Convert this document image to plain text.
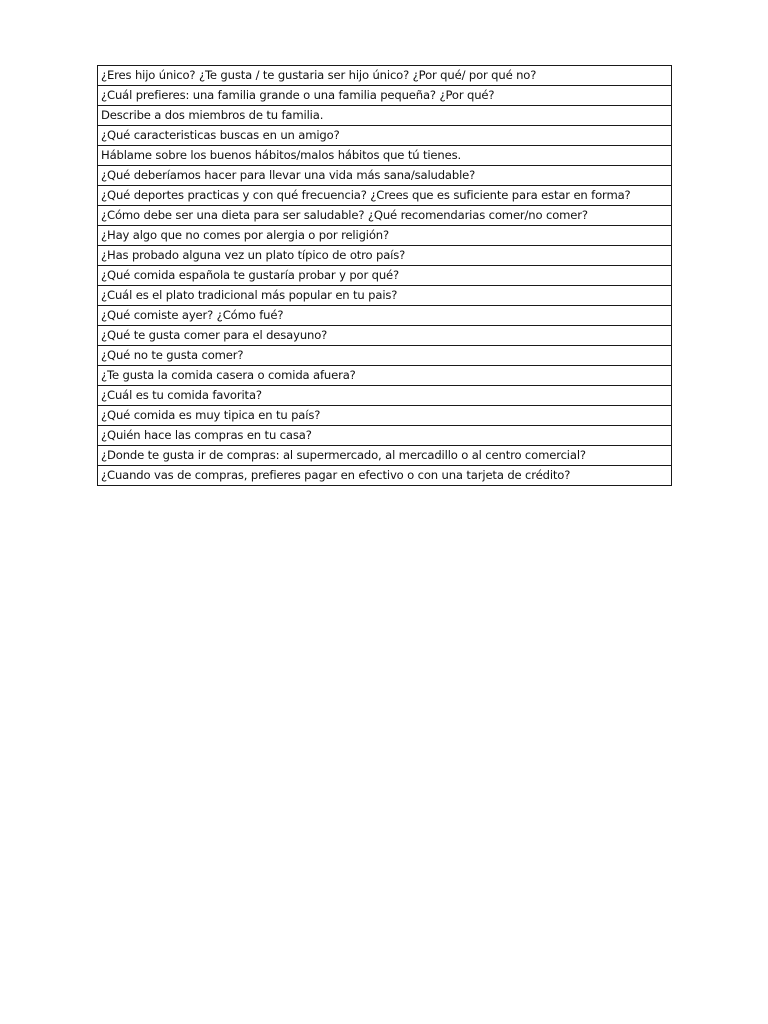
¿Eres hijo único? ¿Te gusta / te gustaria ser hijo único? ¿Por qué/ por qué no?
¿Cuál prefieres: una familia grande o una familia pequeña? ¿Por qué?
Describe a dos miembros de tu familia.
¿Qué caracteristicas buscas en un amigo?
Háblame sobre los buenos hábitos/malos hábitos que tú tienes.
¿Qué deberíamos hacer para llevar una vida más sana/saludable?
¿Qué deportes practicas y con qué frecuencia? ¿Crees que es suficiente para estar en forma?
¿Cómo debe ser una dieta para ser saludable? ¿Qué recomendarias comer/no comer?
¿Hay algo que no comes por alergia o por religión?
¿Has probado alguna vez un plato típico de otro país?
¿Qué comida española te gustaría probar y por qué?
¿Cuál es el plato tradicional más popular en tu pais?
¿Qué comiste ayer? ¿Cómo fué?
¿Qué te gusta comer para el desayuno?
¿Qué no te gusta comer?
¿Te gusta la comida casera o comida afuera?
¿Cuál es tu comida favorita?
¿Qué comida es muy tipica en tu país?
¿Quién hace las compras en tu casa?
¿Donde te gusta ir de compras: al supermercado, al mercadillo o al centro comercial?
¿Cuando vas de compras, prefieres pagar en efectivo o con una tarjeta de crédito?
